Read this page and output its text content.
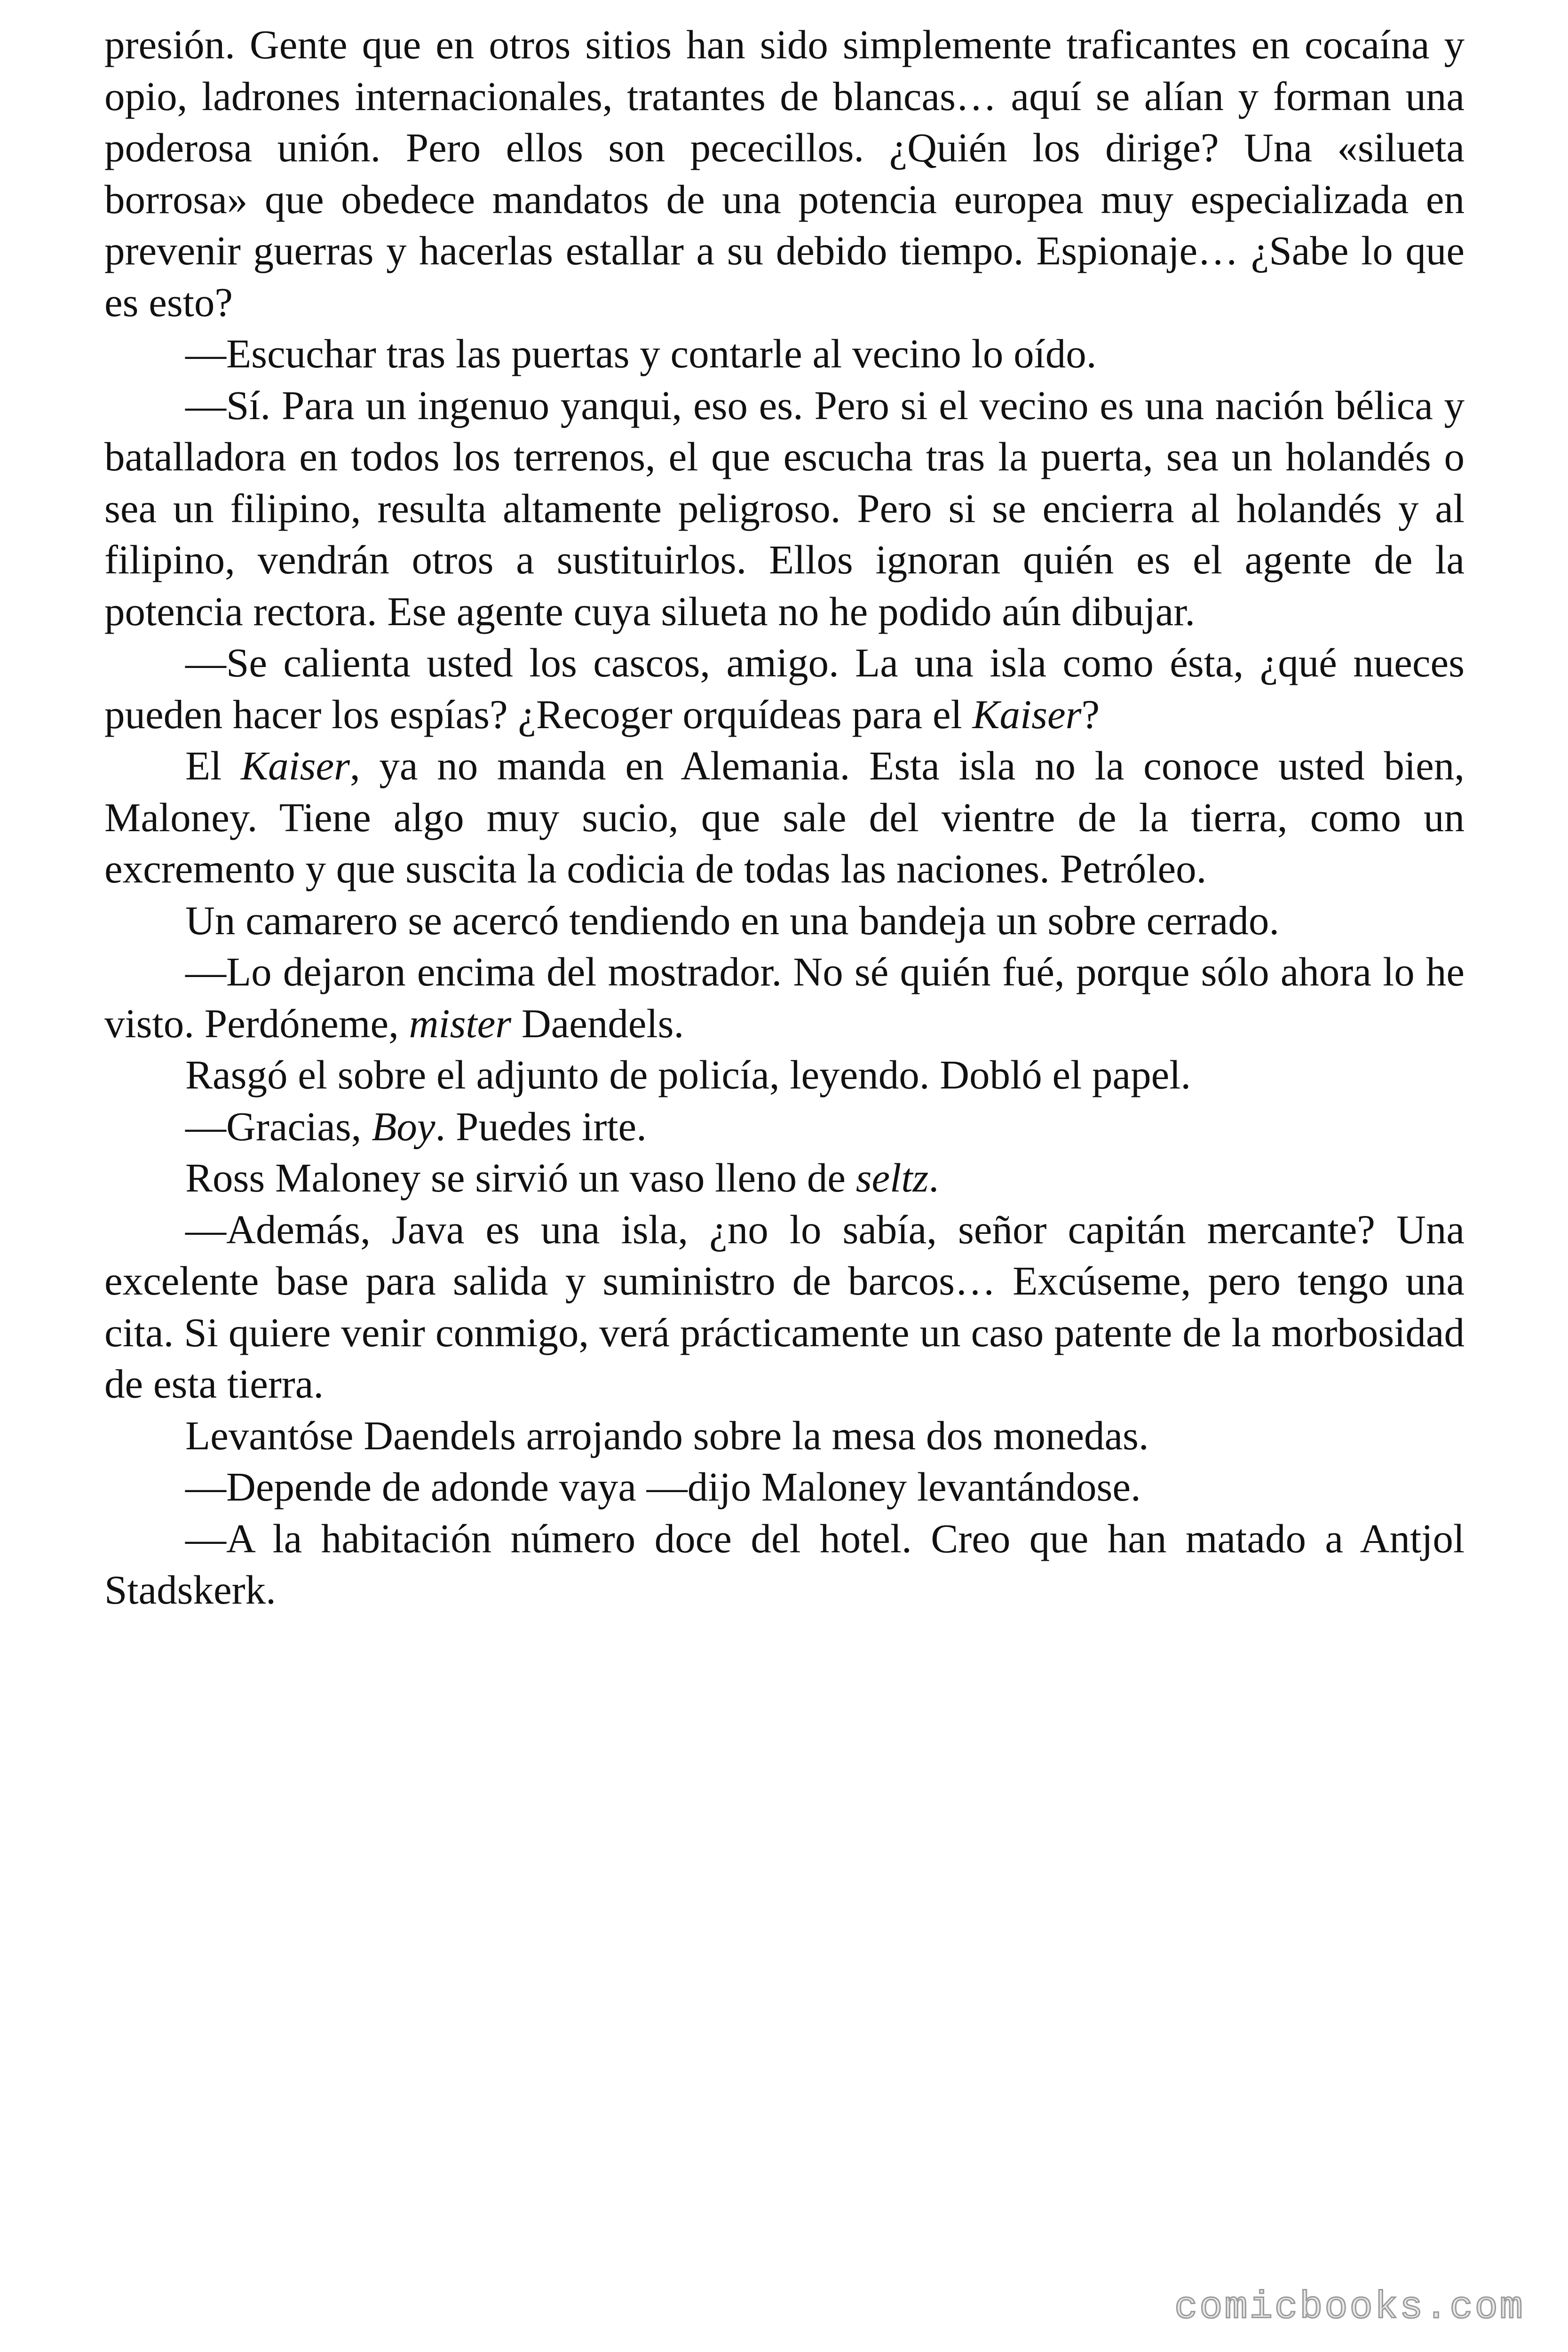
presión. Gente que en otros sitios han sido simplemente traficantes en cocaína y opio, ladrones internacionales, tratantes de blancas… aquí se alían y forman una poderosa unión. Pero ellos son pececillos. ¿Quién los dirige? Una «silueta borrosa» que obedece mandatos de una potencia europea muy especializada en prevenir guerras y hacerlas estallar a su debido tiempo. Espionaje… ¿Sabe lo que es esto?

—Escuchar tras las puertas y contarle al vecino lo oído.

—Sí. Para un ingenuo yanqui, eso es. Pero si el vecino es una nación bélica y batalladora en todos los terrenos, el que escucha tras la puerta, sea un holandés o sea un filipino, resulta altamente peligroso. Pero si se encierra al holandés y al filipino, vendrán otros a sustituirlos. Ellos ignoran quién es el agente de la potencia rectora. Ese agente cuya silueta no he podido aún dibujar.

—Se calienta usted los cascos, amigo. La una isla como ésta, ¿qué nueces pueden hacer los espías? ¿Recoger orquídeas para el Kaiser?

El Kaiser, ya no manda en Alemania. Esta isla no la conoce usted bien, Maloney. Tiene algo muy sucio, que sale del vientre de la tierra, como un excremento y que suscita la codicia de todas las naciones. Petróleo.

Un camarero se acercó tendiendo en una bandeja un sobre cerrado.

—Lo dejaron encima del mostrador. No sé quién fué, porque sólo ahora lo he visto. Perdóneme, mister Daendels.

Rasgó el sobre el adjunto de policía, leyendo. Dobló el papel.

—Gracias, Boy. Puedes irte.

Ross Maloney se sirvió un vaso lleno de seltz.

—Además, Java es una isla, ¿no lo sabía, señor capitán mercante? Una excelente base para salida y suministro de barcos… Excúseme, pero tengo una cita. Si quiere venir conmigo, verá prácticamente un caso patente de la morbosidad de esta tierra.

Levantóse Daendels arrojando sobre la mesa dos monedas.

—Depende de adonde vaya —dijo Maloney levantándose.

—A la habitación número doce del hotel. Creo que han matado a Antjol Stadskerk.

comicbooks.com
